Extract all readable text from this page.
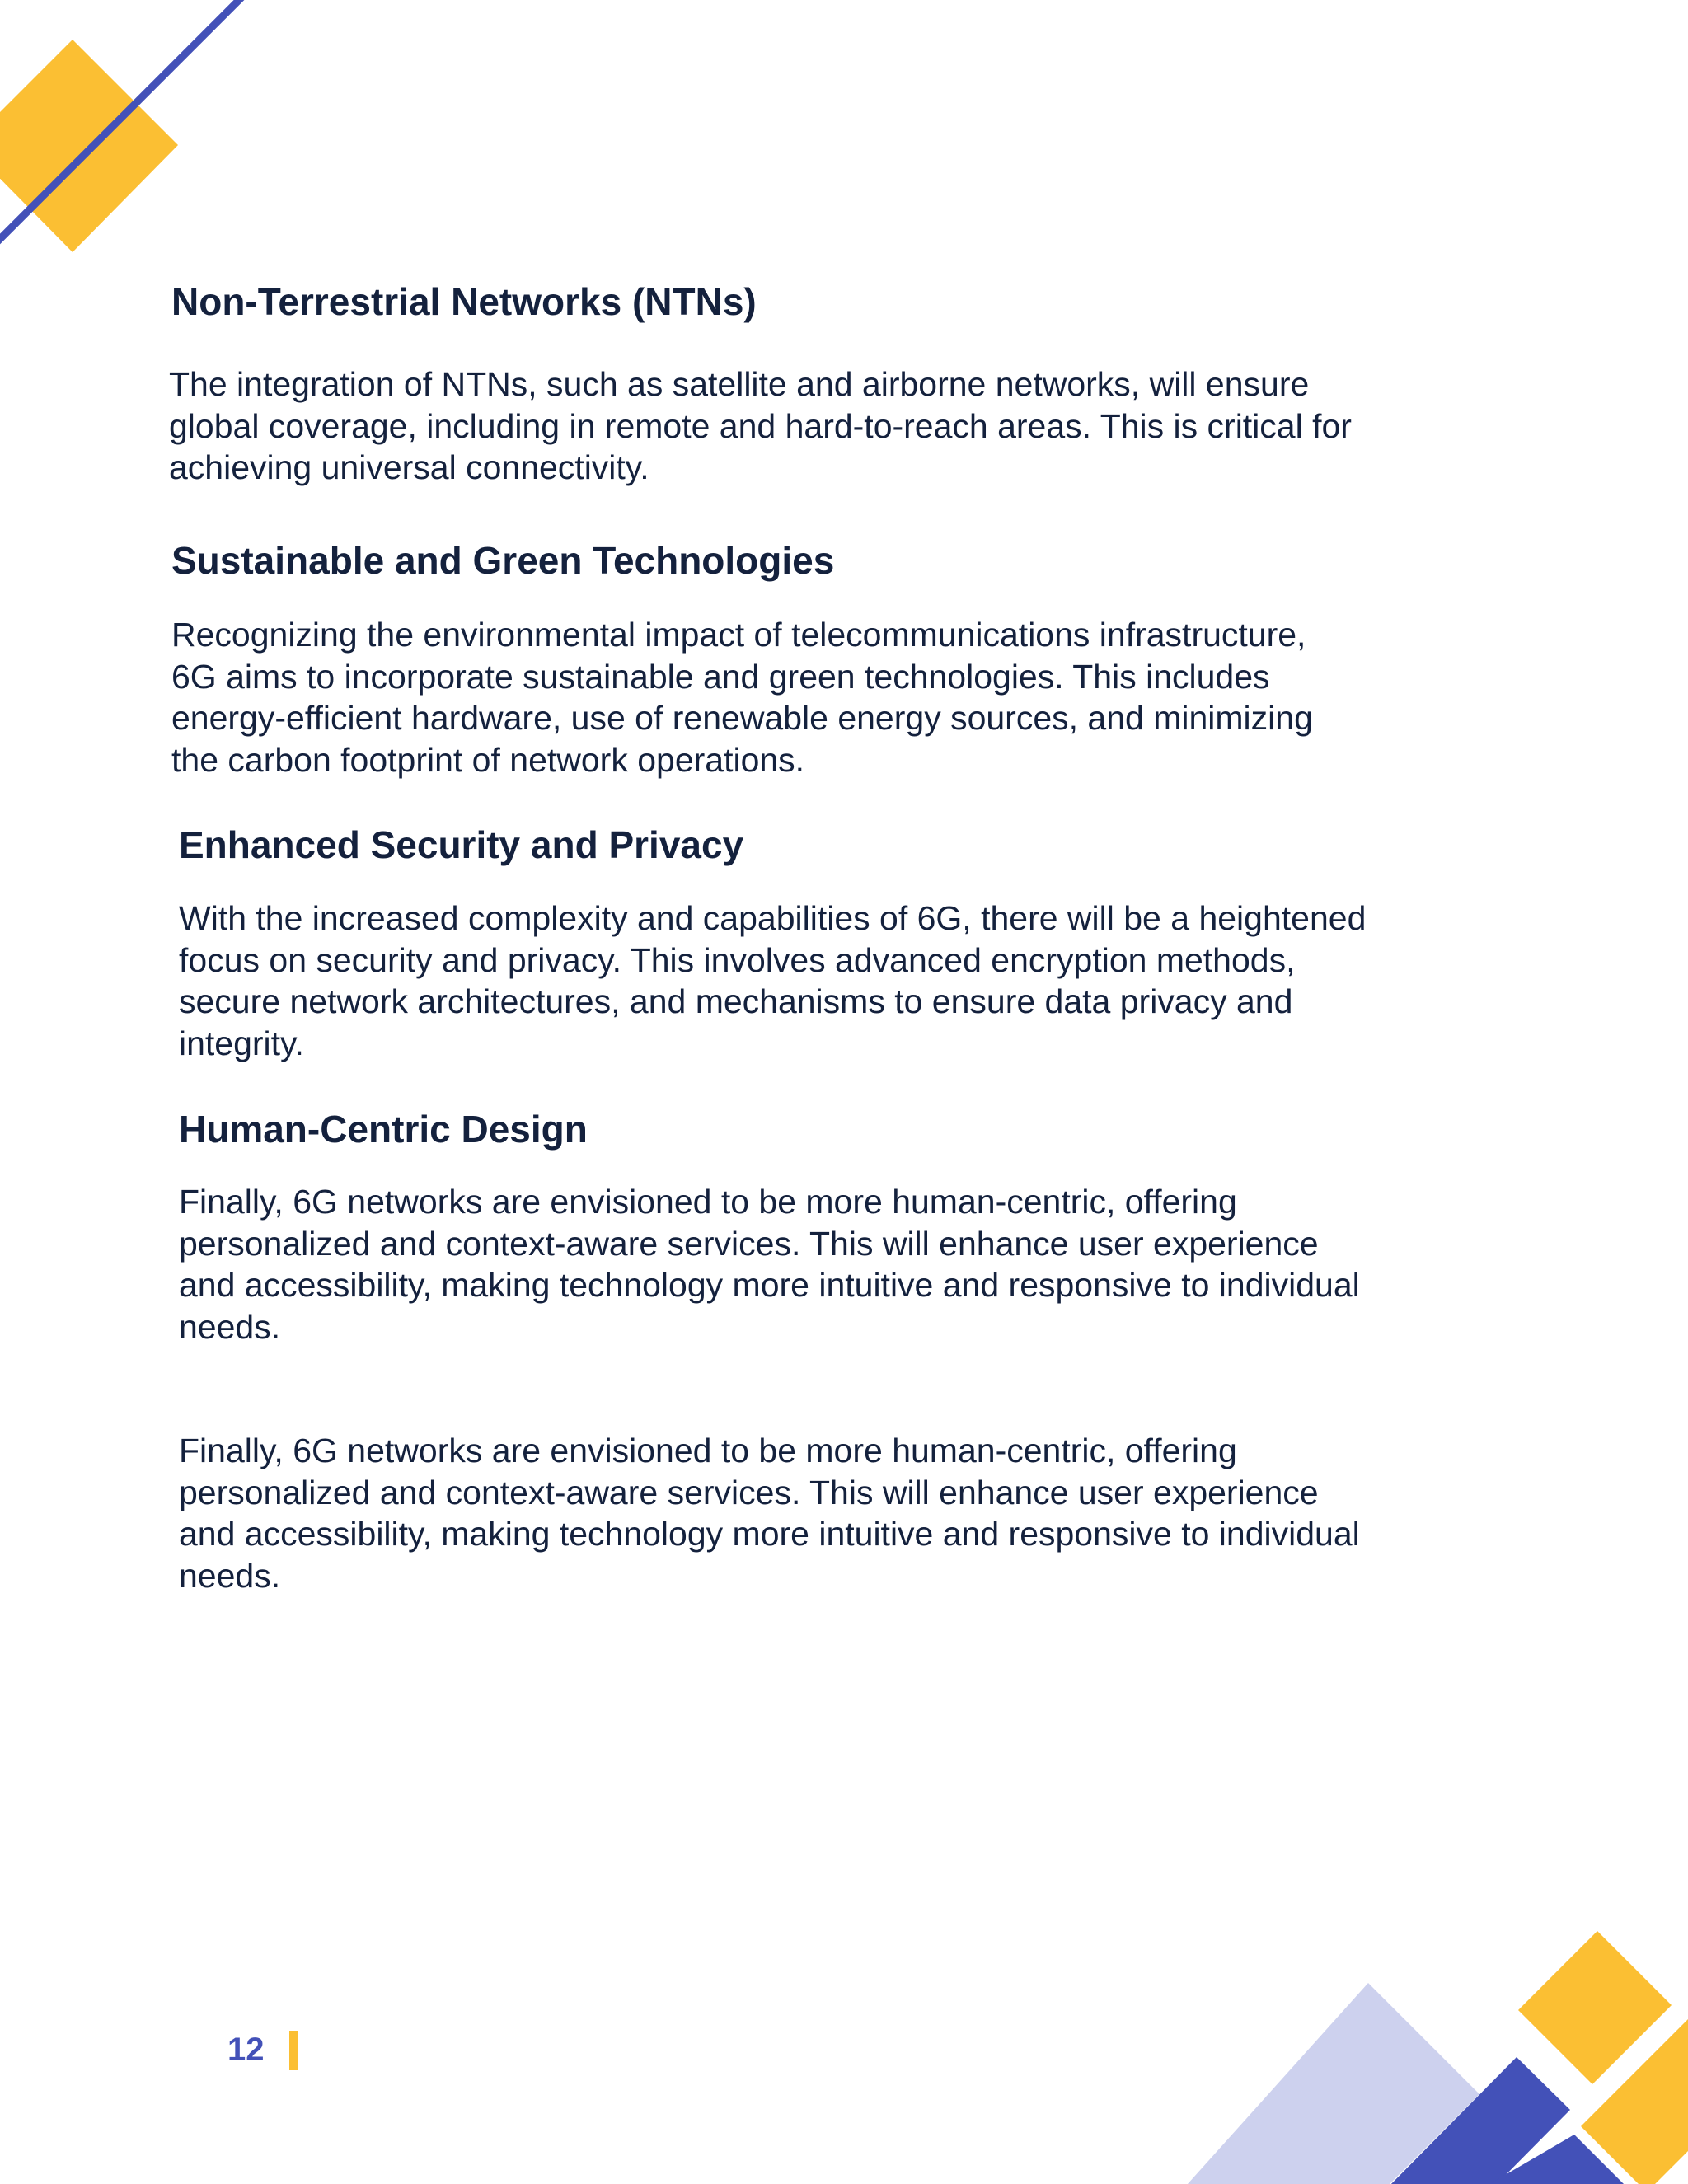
Non-Terrestrial Networks (NTNs)

The integration of NTNs, such as satellite and airborne networks, will ensure
global coverage, including in remote and hard-to-reach areas. This is critical for
achieving universal connectivity.

Sustainable and Green Technologies

Recognizing the environmental impact of telecommunications infrastructure,
6G aims to incorporate sustainable and green technologies. This includes
energy-efficient hardware, use of renewable energy sources, and minimizing
the carbon footprint of network operations.

Enhanced Security and Privacy

With the increased complexity and capabilities of 6G, there will be a heightened
focus on security and privacy. This involves advanced encryption methods,
secure network architectures, and mechanisms to ensure data privacy and
integrity.

Human-Centric Design

Finally, 6G networks are envisioned to be more human-centric, offering
personalized and context-aware services. This will enhance user experience
and accessibility, making technology more intuitive and responsive to individual
needs.

Finally, 6G networks are envisioned to be more human-centric, offering
personalized and context-aware services. This will enhance user experience
and accessibility, making technology more intuitive and responsive to individual
needs.

12
